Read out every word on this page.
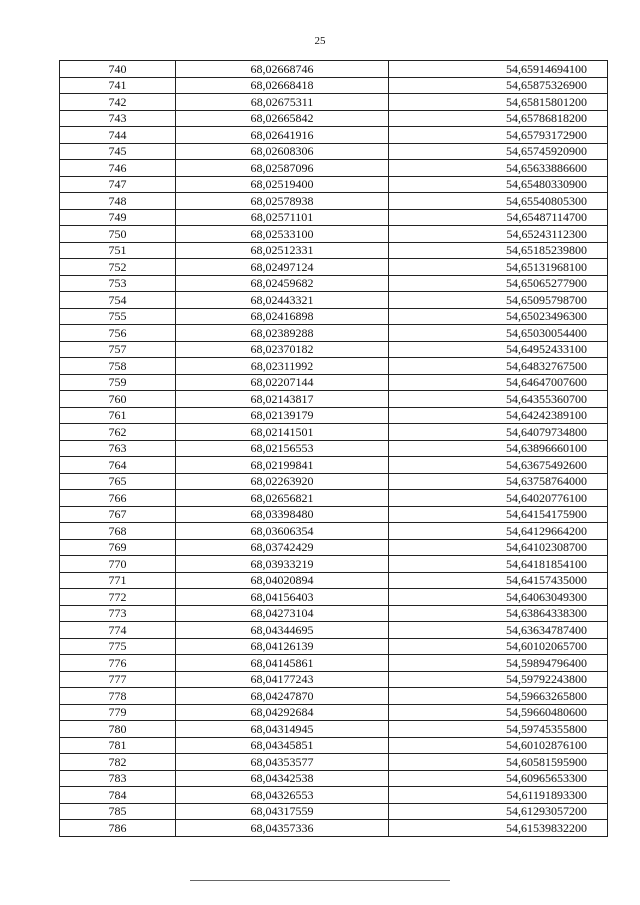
25
740	68,02668746	54,65914694100
741	68,02668418	54,65875326900
742	68,02675311	54,65815801200
743	68,02665842	54,65786818200
744	68,02641916	54,65793172900
745	68,02608306	54,65745920900
746	68,02587096	54,65633886600
747	68,02519400	54,65480330900
748	68,02578938	54,65540805300
749	68,02571101	54,65487114700
750	68,02533100	54,65243112300
751	68,02512331	54,65185239800
752	68,02497124	54,65131968100
753	68,02459682	54,65065277900
754	68,02443321	54,65095798700
755	68,02416898	54,65023496300
756	68,02389288	54,65030054400
757	68,02370182	54,64952433100
758	68,02311992	54,64832767500
759	68,02207144	54,64647007600
760	68,02143817	54,64355360700
761	68,02139179	54,64242389100
762	68,02141501	54,64079734800
763	68,02156553	54,63896660100
764	68,02199841	54,63675492600
765	68,02263920	54,63758764000
766	68,02656821	54,64020776100
767	68,03398480	54,64154175900
768	68,03606354	54,64129664200
769	68,03742429	54,64102308700
770	68,03933219	54,64181854100
771	68,04020894	54,64157435000
772	68,04156403	54,64063049300
773	68,04273104	54,63864338300
774	68,04344695	54,63634787400
775	68,04126139	54,60102065700
776	68,04145861	54,59894796400
777	68,04177243	54,59792243800
778	68,04247870	54,59663265800
779	68,04292684	54,59660480600
780	68,04314945	54,59745355800
781	68,04345851	54,60102876100
782	68,04353577	54,60581595900
783	68,04342538	54,60965653300
784	68,04326553	54,61191893300
785	68,04317559	54,61293057200
786	68,04357336	54,61539832200
